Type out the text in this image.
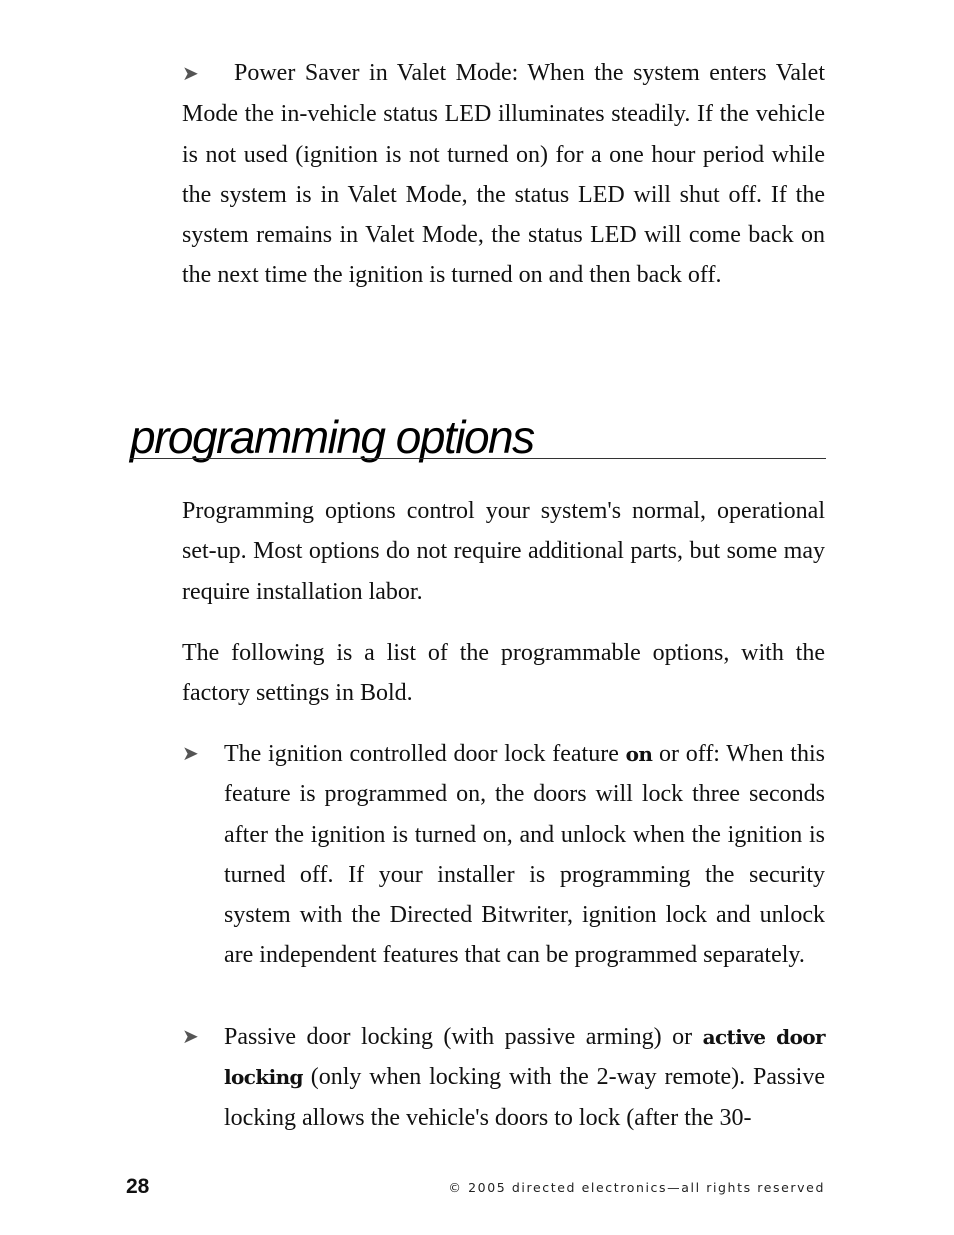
➤ Power Saver in Valet Mode: When the system enters Valet Mode the in-vehicle status LED illuminates steadily. If the vehicle is not used (ignition is not turned on) for a one hour period while the system is in Valet Mode, the status LED will shut off. If the system remains in Valet Mode, the status LED will come back on the next time the ignition is turned on and then back off.

programming options

Programming options control your system's normal, operational set-up. Most options do not require additional parts, but some may require installation labor.

The following is a list of the programmable options, with the factory settings in Bold.

➤ The ignition controlled door lock feature on or off: When this feature is programmed on, the doors will lock three seconds after the ignition is turned on, and unlock when the ignition is turned off. If your installer is programming the security system with the Directed Bitwriter, ignition lock and unlock are independent features that can be programmed separately.
➤ Passive door locking (with passive arming) or active door locking (only when locking with the 2-way remote). Passive locking allows the vehicle's doors to lock (after the 30-

28	© 2005 directed electronics—all rights reserved
